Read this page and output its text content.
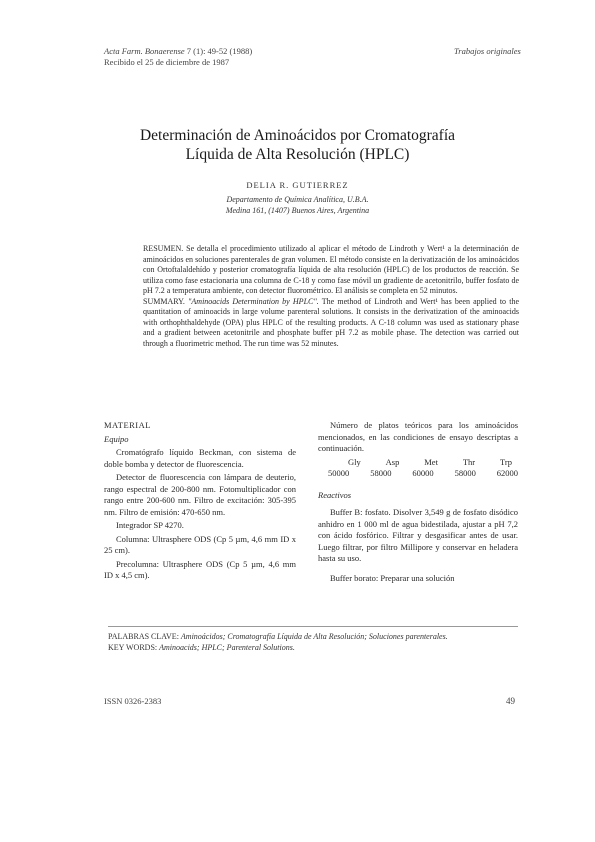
Acta Farm. Bonaerense 7 (1): 49-52 (1988)
Recibido el 25 de diciembre de 1987
Trabajos originales
Determinación de Aminoácidos por Cromatografía
Líquida de Alta Resolución (HPLC)
DELIA R. GUTIERREZ
Departamento de Química Analítica, U.B.A.
Medina 161, (1407) Buenos Aires, Argentina

RESUMEN. Se detalla el procedimiento utilizado al aplicar el método de Lindroth y Wert¹ a la determinación de aminoácidos en soluciones parenterales de gran volumen. El método consiste en la derivatización de los aminoácidos con Ortoftalaldehído y posterior cromatografía líquida de alta resolución (HPLC) de los productos de reacción. Se utiliza como fase estacionaria una columna de C-18 y como fase móvil un gradiente de acetonitrilo, buffer fosfato de pH 7.2 a temperatura ambiente, con detector fluorométrico. El análisis se completa en 52 minutos.

SUMMARY. "Aminoacids Determination by HPLC". The method of Lindroth and Wert¹ has been applied to the quantitation of aminoacids in large volume parenteral solutions. It consists in the derivatization of the aminoacids with orthophthaldehyde (OPA) plus HPLC of the resulting products. A C-18 column was used as stationary phase and a gradient between acetonitrile and phosphate buffer pH 7.2 as mobile phase. The detection was carried out through a fluorimetric method. The run time was 52 minutes.

MATERIAL

Equipo

Cromatógrafo líquido Beckman, con sistema de doble bomba y detector de fluorescencia.

Detector de fluorescencia con lámpara de deuterio, rango espectral de 200-800 nm. Fotomultiplicador con rango entre 200-600 nm. Filtro de excitación: 305-395 nm. Filtro de emisión: 470-650 nm.

Integrador SP 4270.

Columna: Ultrasphere ODS (Cp 5 µm, 4,6 mm ID x 25 cm).

Precolumna: Ultrasphere ODS (Cp 5 µm, 4,6 mm ID x 4,5 cm).

Número de platos teóricos para los aminoácidos mencionados, en las condiciones de ensayo descriptas a continuación.

Gly	Asp	Met	Thr	Trp
50000 58000 60000 58000 62000

Reactivos

Buffer B: fosfato. Disolver 3,549 g de fosfato disódico anhidro en 1 000 ml de agua bidestilada, ajustar a pH 7,2 con ácido fosfórico. Filtrar y desgasificar antes de usar. Luego filtrar, por filtro Millipore y conservar en heladera hasta su uso.

Buffer borato: Preparar una solución

PALABRAS CLAVE: Aminoácidos; Cromatografía Líquida de Alta Resolución; Soluciones parenterales.

KEY WORDS: Aminoacids; HPLC; Parenteral Solutions.

ISSN 0326-2383	49
